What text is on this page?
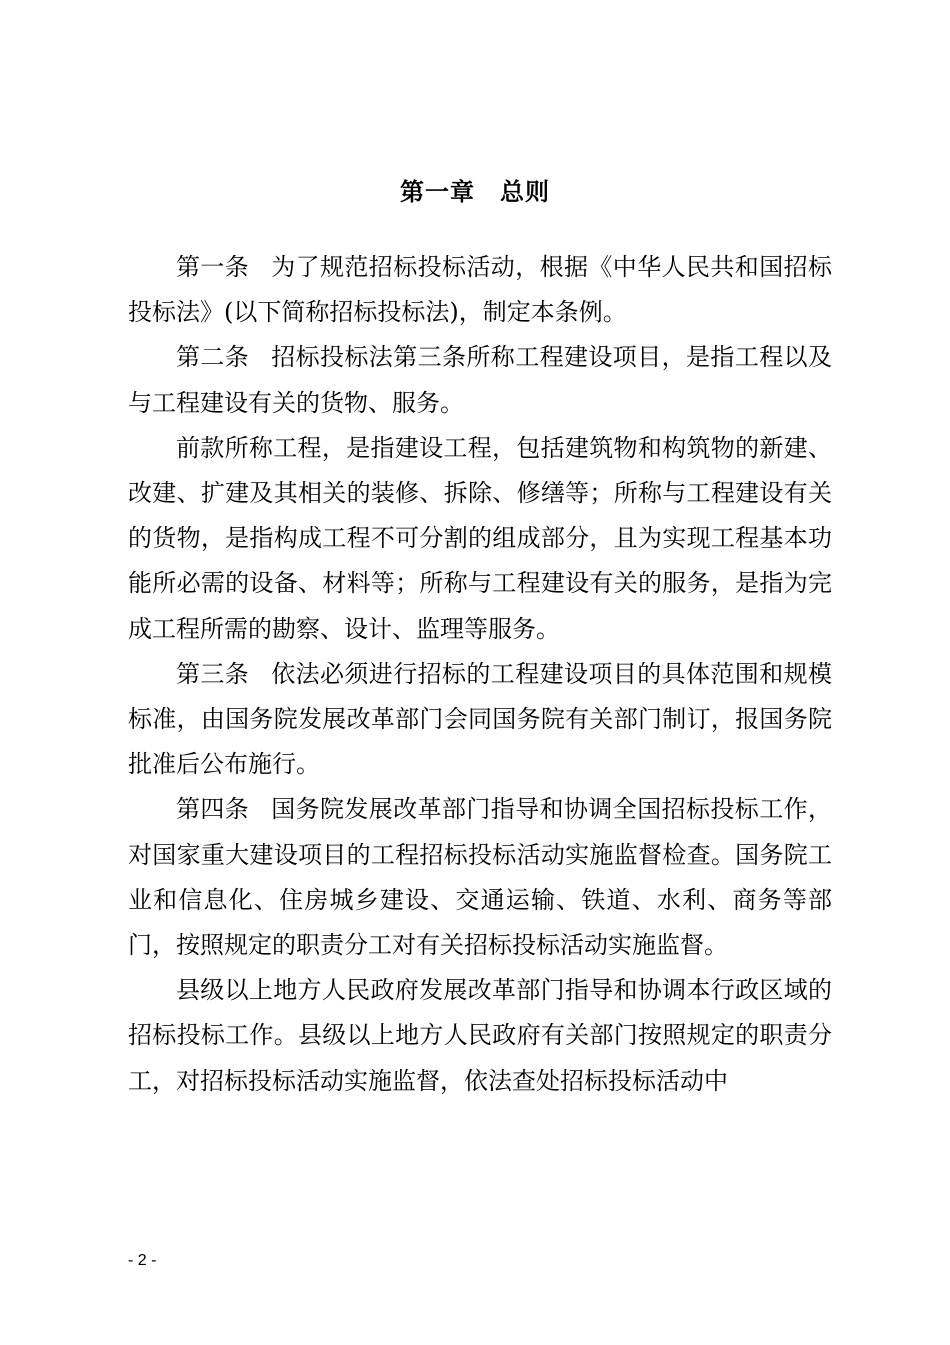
第一章　总则

第一条 为了规范招标投标活动，根据《中华人民共和国招标投标法》(以下简称招标投标法)，制定本条例。

第二条 招标投标法第三条所称工程建设项目，是指工程以及与工程建设有关的货物、服务。

前款所称工程，是指建设工程，包括建筑物和构筑物的新建、改建、扩建及其相关的装修、拆除、修缮等；所称与工程建设有关的货物，是指构成工程不可分割的组成部分，且为实现工程基本功能所必需的设备、材料等；所称与工程建设有关的服务，是指为完成工程所需的勘察、设计、监理等服务。

第三条 依法必须进行招标的工程建设项目的具体范围和规模标准，由国务院发展改革部门会同国务院有关部门制订，报国务院批准后公布施行。

第四条 国务院发展改革部门指导和协调全国招标投标工作，对国家重大建设项目的工程招标投标活动实施监督检查。国务院工业和信息化、住房城乡建设、交通运输、铁道、水利、商务等部门，按照规定的职责分工对有关招标投标活动实施监督。

县级以上地方人民政府发展改革部门指导和协调本行政区域的招标投标工作。县级以上地方人民政府有关部门按照规定的职责分工，对招标投标活动实施监督，依法查处招标投标活动中

- 2 -
